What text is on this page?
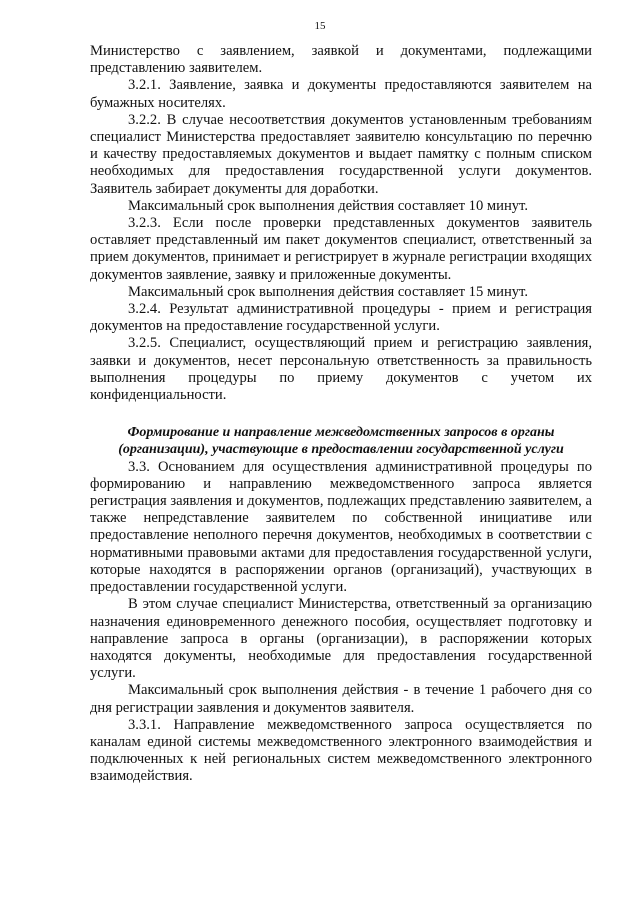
15

Министерство с заявлением, заявкой и документами, подлежащими представлению заявителем.

3.2.1. Заявление, заявка и документы предоставляются заявителем на бумажных носителях.

3.2.2. В случае несоответствия документов установленным требованиям специалист Министерства предоставляет заявителю консультацию по перечню и качеству предоставляемых документов и выдает памятку с полным списком необходимых для предоставления государственной услуги документов. Заявитель забирает документы для доработки.

Максимальный срок выполнения действия составляет 10 минут.

3.2.3. Если после проверки представленных документов заявитель оставляет представленный им пакет документов специалист, ответственный за прием документов, принимает и регистрирует в журнале регистрации входящих документов заявление, заявку и приложенные документы.

Максимальный срок выполнения действия составляет 15 минут.

3.2.4. Результат административной процедуры - прием и регистрация документов на предоставление государственной услуги.

3.2.5. Специалист, осуществляющий прием и регистрацию заявления, заявки и документов, несет персональную ответственность за правильность выполнения процедуры по приему документов с учетом их конфиденциальности.

Формирование и направление межведомственных запросов в органы (организации), участвующие в предоставлении государственной услуги

3.3. Основанием для осуществления административной процедуры по формированию и направлению межведомственного запроса является регистрация заявления и документов, подлежащих представлению заявителем, а также непредставление заявителем по собственной инициативе или предоставление неполного перечня документов, необходимых в соответствии с нормативными правовыми актами для предоставления государственной услуги, которые находятся в распоряжении органов (организаций), участвующих в предоставлении государственной услуги.

В этом случае специалист Министерства, ответственный за организацию назначения единовременного денежного пособия, осуществляет подготовку и направление запроса в органы (организации), в распоряжении которых находятся документы, необходимые для предоставления государственной услуги.

Максимальный срок выполнения действия - в течение 1 рабочего дня со дня регистрации заявления и документов заявителя.

3.3.1. Направление межведомственного запроса осуществляется по каналам единой системы межведомственного электронного взаимодействия и подключенных к ней региональных систем межведомственного электронного взаимодействия.
